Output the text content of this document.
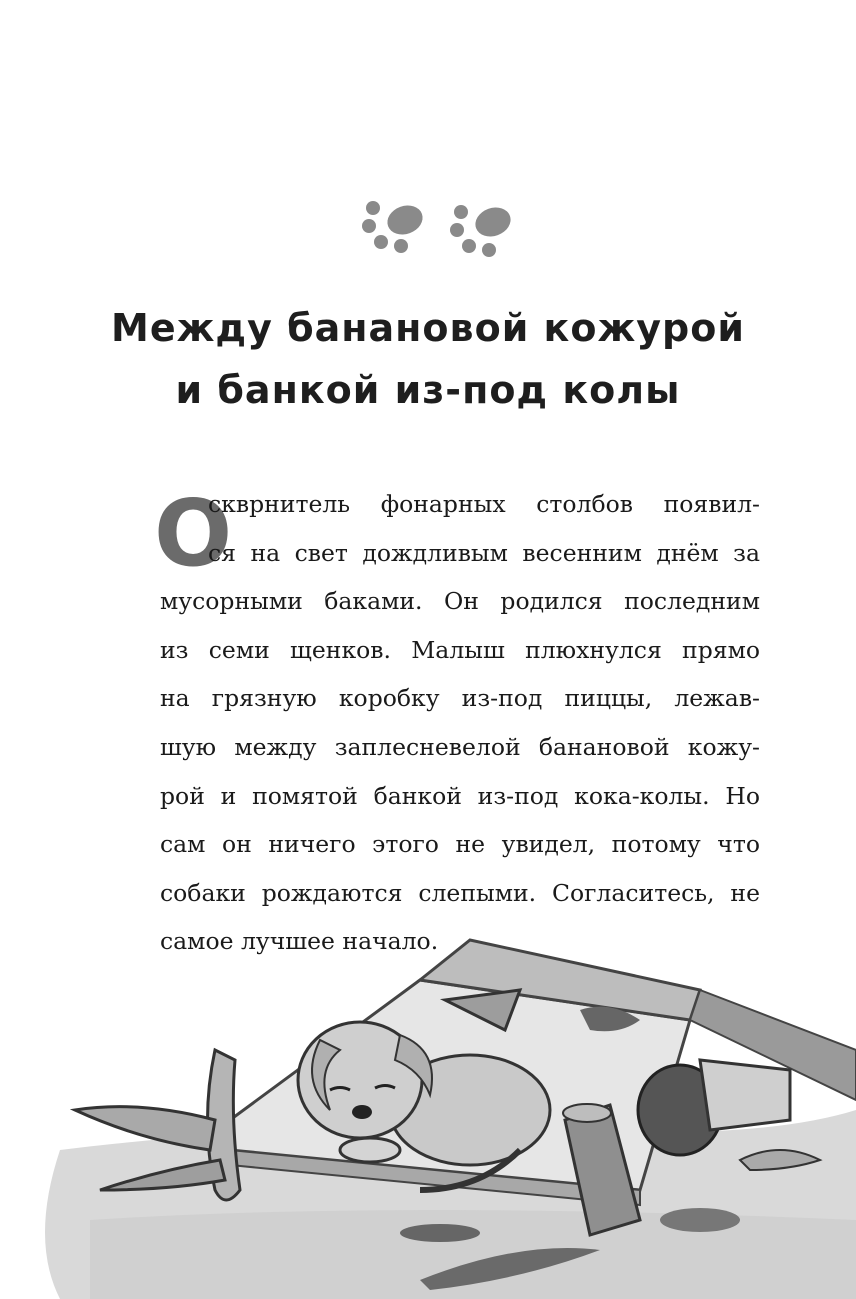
Между банановой кожурой
и банкой из-под колы
О
скврнитель фонарных столбов появил-
ся на свет дождливым весенним днём за
мусорными баками. Он родился последним
из семи щенков. Малыш плюхнулся прямо
на грязную коробку из-под пиццы, лежав-
шую между заплесневелой банановой кожу-
рой и помятой банкой из-под кока-колы. Но
сам он ничего этого не увидел, потому что
собаки рождаются слепыми. Согласитесь, не
самое лучшее начало.
